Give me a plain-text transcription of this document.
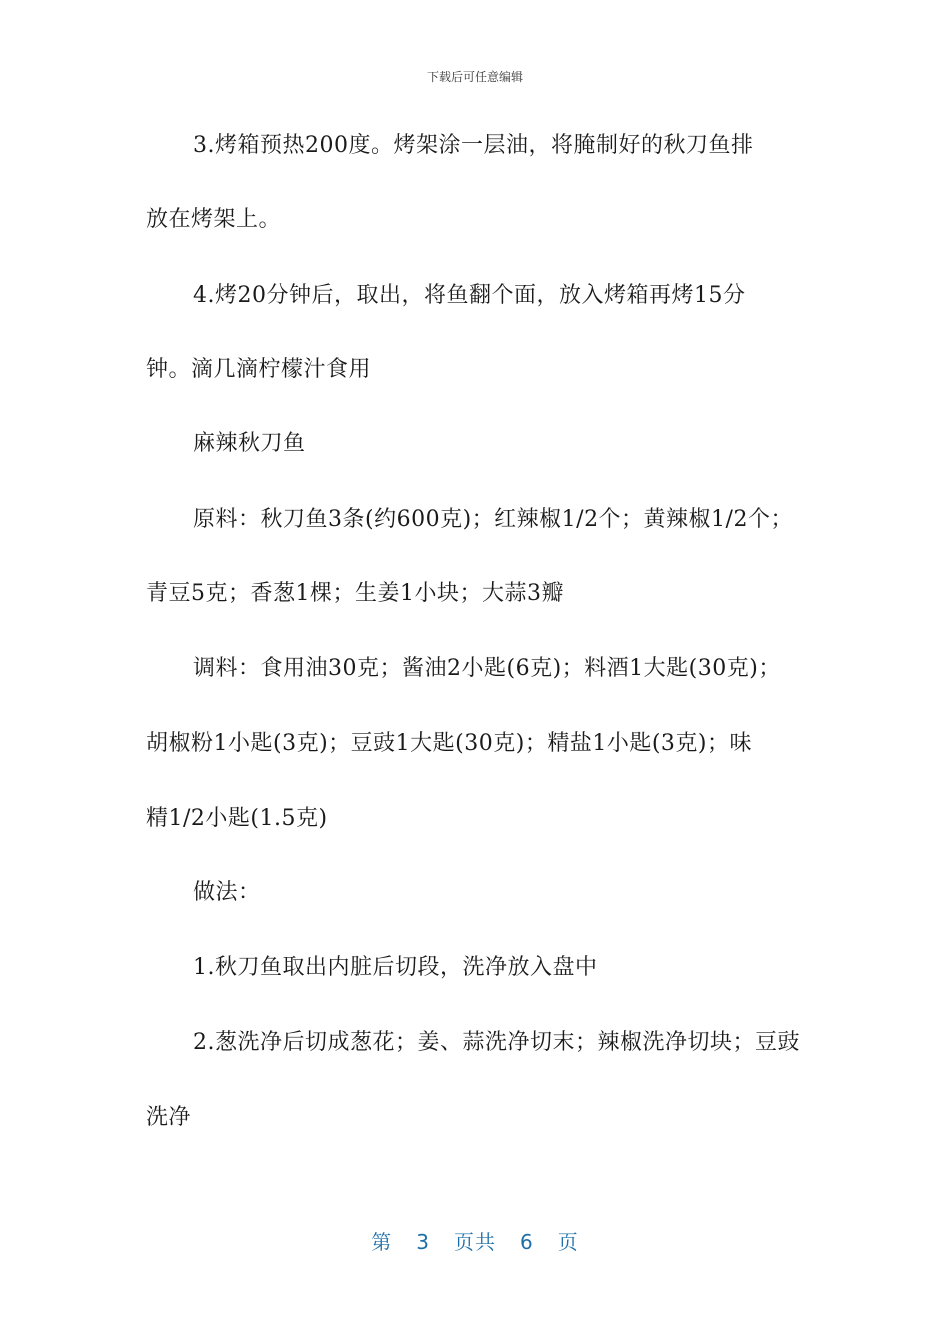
下载后可任意编辑
3.烤箱预热200度。烤架涂一层油，将腌制好的秋刀鱼排
放在烤架上。
4.烤20分钟后，取出，将鱼翻个面，放入烤箱再烤15分
钟。滴几滴柠檬汁食用
麻辣秋刀鱼
原料：秋刀鱼3条(约600克)；红辣椒1/2个；黄辣椒1/2个；
青豆5克；香葱1棵；生姜1小块；大蒜3瓣
调料：食用油30克；酱油2小匙(6克)；料酒1大匙(30克)；
胡椒粉1小匙(3克)；豆豉1大匙(30克)；精盐1小匙(3克)；味
精1/2小匙(1.5克)
做法：
1.秋刀鱼取出内脏后切段，洗净放入盘中
2.葱洗净后切成葱花；姜、蒜洗净切末；辣椒洗净切块；豆豉
洗净
第 3 页共 6 页
